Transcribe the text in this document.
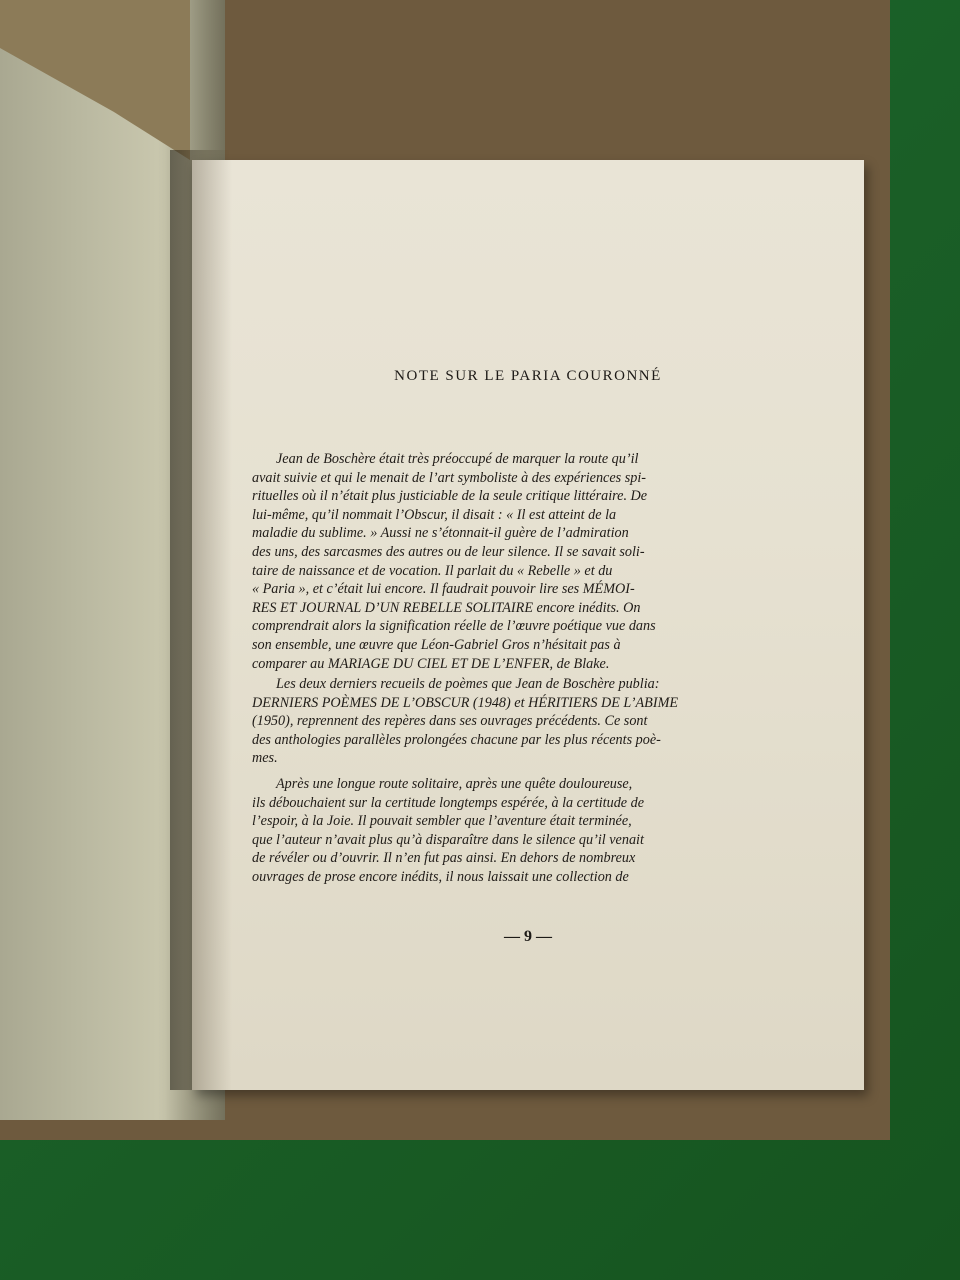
NOTE SUR LE PARIA COURONNÉ

Jean de Boschère était très préoccupé de marquer la route qu’il
avait suivie et qui le menait de l’art symboliste à des expériences spi-
rituelles où il n’était plus justiciable de la seule critique littéraire. De
lui-même, qu’il nommait l’Obscur, il disait : « Il est atteint de la
maladie du sublime. » Aussi ne s’étonnait-il guère de l’admiration
des uns, des sarcasmes des autres ou de leur silence. Il se savait soli-
taire de naissance et de vocation. Il parlait du « Rebelle » et du
« Paria », et c’était lui encore. Il faudrait pouvoir lire ses MÉMOI-
RES ET JOURNAL D’UN REBELLE SOLITAIRE encore inédits. On
comprendrait alors la signification réelle de l’œuvre poétique vue dans
son ensemble, une œuvre que Léon-Gabriel Gros n’hésitait pas à
comparer au MARIAGE DU CIEL ET DE L’ENFER, de Blake.

Les deux derniers recueils de poèmes que Jean de Boschère publia:
DERNIERS POÈMES DE L’OBSCUR (1948) et HÉRITIERS DE L’ABIME
(1950), reprennent des repères dans ses ouvrages précédents. Ce sont
des anthologies parallèles prolongées chacune par les plus récents poè-
mes.

Après une longue route solitaire, après une quête douloureuse,
ils débouchaient sur la certitude longtemps espérée, à la certitude de
l’espoir, à la Joie. Il pouvait sembler que l’aventure était terminée,
que l’auteur n’avait plus qu’à disparaître dans le silence qu’il venait
de révéler ou d’ouvrir. Il n’en fut pas ainsi. En dehors de nombreux
ouvrages de prose encore inédits, il nous laissait une collection de

— 9 —
